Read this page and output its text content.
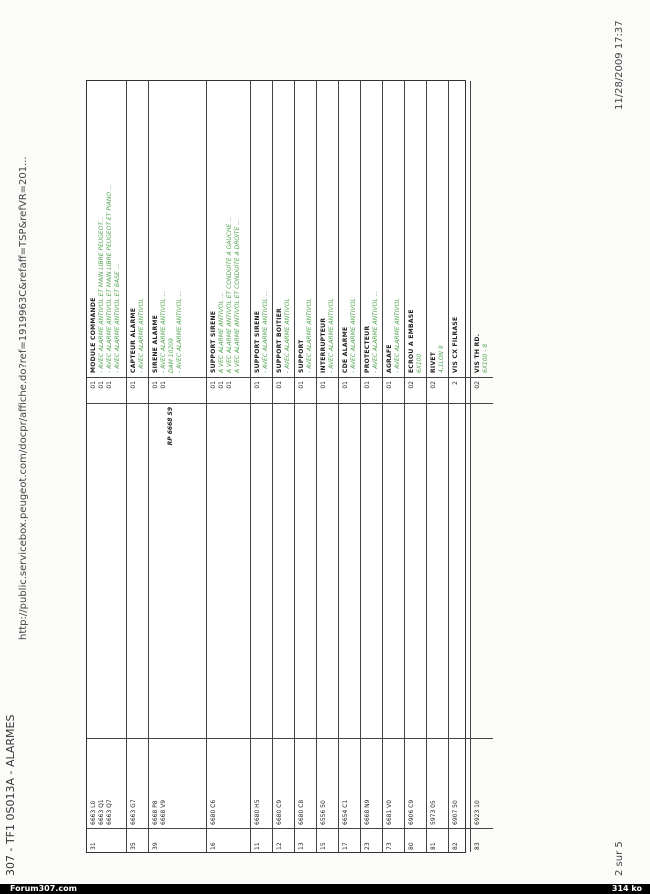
307 - TF1 0S013A - ALARMES
http://public.servicebox.peugeot.com/docpr/affiche.do?ref=1919963C&refaff=TSP&refVR=201...
11/28/2009 17:37
2 sur 5
31
6663 L0 6663 Q1 6663 Q7
01 01 01
MODULE COMMANDE - AVEC ALARME ANTIVOL ET MAIN LIBRE PEUGEOT... - AVEC ALARME ANTIVOL ET MAIN LIBRE PEUGEOT ET PIANO ... - AVEC ALARME ANTIVOL ET BASE ...
35
6663 G7
01
CAPTEUR ALARME - AVEC ALARME ANTIVOL
39
6668 P8 6668 V9
RP 6668 S9
01 01
SIRENE ALARME - AVEC ALARME ANTIVOL ... DAM 10209 - AVEC ALARME ANTIVOL ...
16
6680 C6
01 01 01
SUPPORT SIRENE A VEC ALARME ANTIVOL ... A VEC ALARME ANTIVOL ET CONDUITE A GAUCHE ... A VEC ALARME ANTIVOL ET CONDUITE A DROITE ...
11
6680 H5
01
SUPPORT SIRENE - AVEC ALARME ANTIVOL ...
12
6680 C9
01
SUPPORT BOITIER - AVEC ALARME ANTIVOL
13
6680 C8
01
SUPPORT - AVEC ALARME ANTIVOL
15
6556 50
01
INTERRUPTEUR - AVEC ALARME ANTIVOL
17
6654 C1
01
CDE ALARME - AVEC ALARME ANTIVOL
23
6668 N9
01
PROTECTEUR - AVEC ALARME ANTIVOL ...
73
6681 V0
01
AGRAFE - AVEC ALARME ANTIVOL
80
6906 C9
02
ECROU A EMBASE 6X100
81
5973 05
02
RIVET 4,1LON 9
82
6907 50
2
VIS CX FILRASE
83
6923 10
02
VIS TH RD. 6X100 - 8
Forum307.com	314 ko
